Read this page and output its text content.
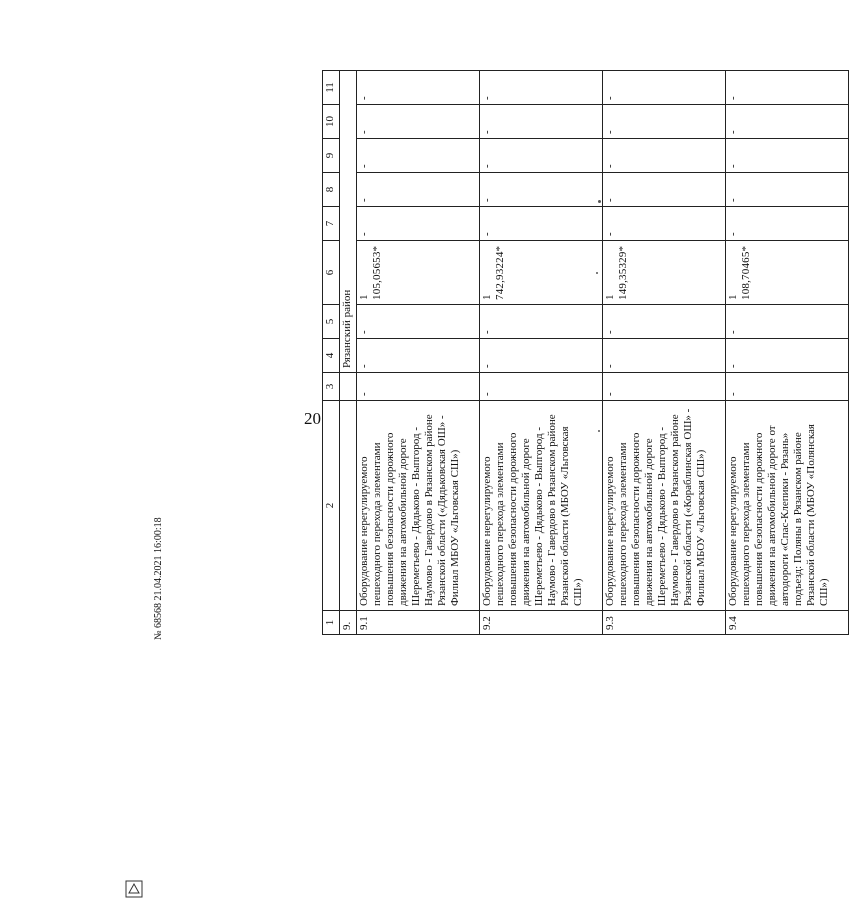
20
1	2	3	4	5	6	7	8	9	10	11
9.			Рязанский район							
9.1	Оборудование нерегулируемого пешеходного перехода элементами повышения безопасности дорожного движения на автомобильной дороге Шереметьево - Дядьково - Выпгород - Наумово - Гавердово в Рязанском районе Рязанской области («Дядьковская ОШ» - Филиал МБОУ «Льговская СШ»)	-	-	-	1 105,05653*	-	-	-	-	-
9.2	Оборудование нерегулируемого пешеходного перехода элементами повышения безопасности дорожного движения на автомобильной дороге Шереметьево - Дядьково - Выпгород - Наумово - Гавердово в Рязанском районе Рязанской области (МБОУ «Льговская СШ»)	-	-	-	1 742,93224*	-	-	-	-	-
9.3	Оборудование нерегулируемого пешеходного перехода элементами повышения безопасности дорожного движения на автомобильной дороге Шереметьево - Дядьково - Выпгород - Наумово - Гавердово в Рязанском районе Рязанской области («Кораблинская ОШ» - Филиал МБОУ «Льговская СШ»)	-	-	-	1 149,35329*	-	-	-	-	-
9.4	Оборудование нерегулируемого пешеходного перехода элементами повышения безопасности дорожного движения на автомобильной дороге от автодороги «Спас-Клепики - Рязань» подъезд: Поляны в Рязанском районе Рязанской области (МБОУ «Полянская СШ»)	-	-	-	1 108,70465*	-	-	-	-	-
№ 68568 21.04.2021 16:00:18
